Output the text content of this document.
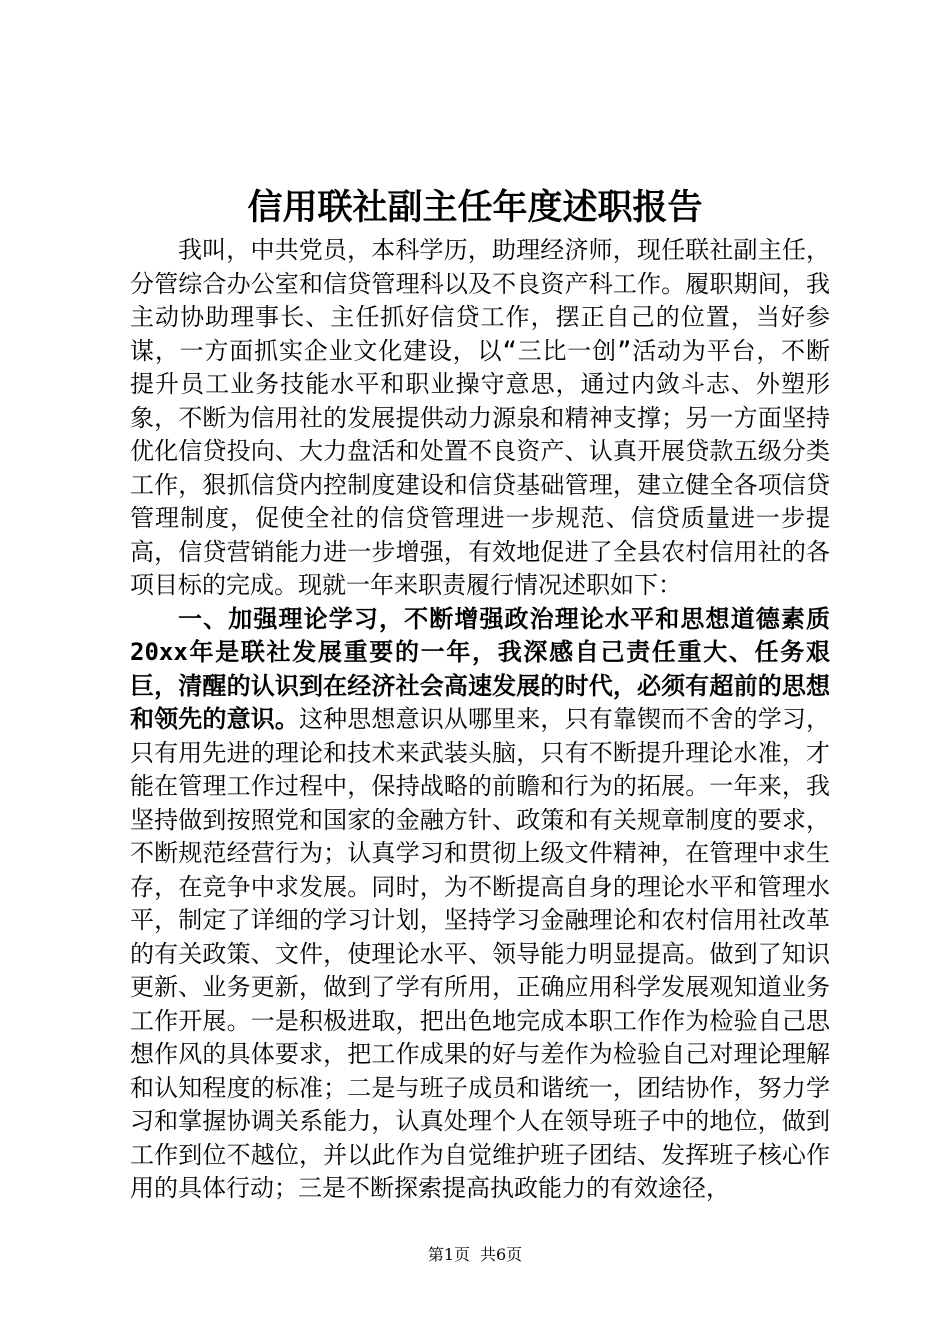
信用联社副主任年度述职报告

我叫，中共党员，本科学历，助理经济师，现任联社副主任，分管综合办公室和信贷管理科以及不良资产科工作。履职期间，我主动协助理事长、主任抓好信贷工作，摆正自己的位置，当好参谋，一方面抓实企业文化建设，以“三比一创”活动为平台，不断提升员工业务技能水平和职业操守意思，通过内敛斗志、外塑形象，不断为信用社的发展提供动力源泉和精神支撑；另一方面坚持优化信贷投向、大力盘活和处置不良资产、认真开展贷款五级分类工作，狠抓信贷内控制度建设和信贷基础管理，建立健全各项信贷管理制度，促使全社的信贷管理进一步规范、信贷质量进一步提高，信贷营销能力进一步增强，有效地促进了全县农村信用社的各项目标的完成。现就一年来职责履行情况述职如下：

一、加强理论学习，不断增强政治理论水平和思想道德素质20xx年是联社发展重要的一年，我深感自己责任重大、任务艰巨，清醒的认识到在经济社会高速发展的时代，必须有超前的思想和领先的意识。这种思想意识从哪里来，只有靠锲而不舍的学习，只有用先进的理论和技术来武装头脑，只有不断提升理论水准，才能在管理工作过程中，保持战略的前瞻和行为的拓展。一年来，我坚持做到按照党和国家的金融方针、政策和有关规章制度的要求，不断规范经营行为；认真学习和贯彻上级文件精神，在管理中求生存，在竞争中求发展。同时，为不断提高自身的理论水平和管理水平，制定了详细的学习计划，坚持学习金融理论和农村信用社改革的有关政策、文件，使理论水平、领导能力明显提高。做到了知识更新、业务更新，做到了学有所用，正确应用科学发展观知道业务工作开展。一是积极进取，把出色地完成本职工作作为检验自己思想作风的具体要求，把工作成果的好与差作为检验自己对理论理解和认知程度的标准；二是与班子成员和谐统一，团结协作，努力学习和掌握协调关系能力，认真处理个人在领导班子中的地位，做到工作到位不越位，并以此作为自觉维护班子团结、发挥班子核心作用的具体行动；三是不断探索提高执政能力的有效途径，

第1页 共6页
